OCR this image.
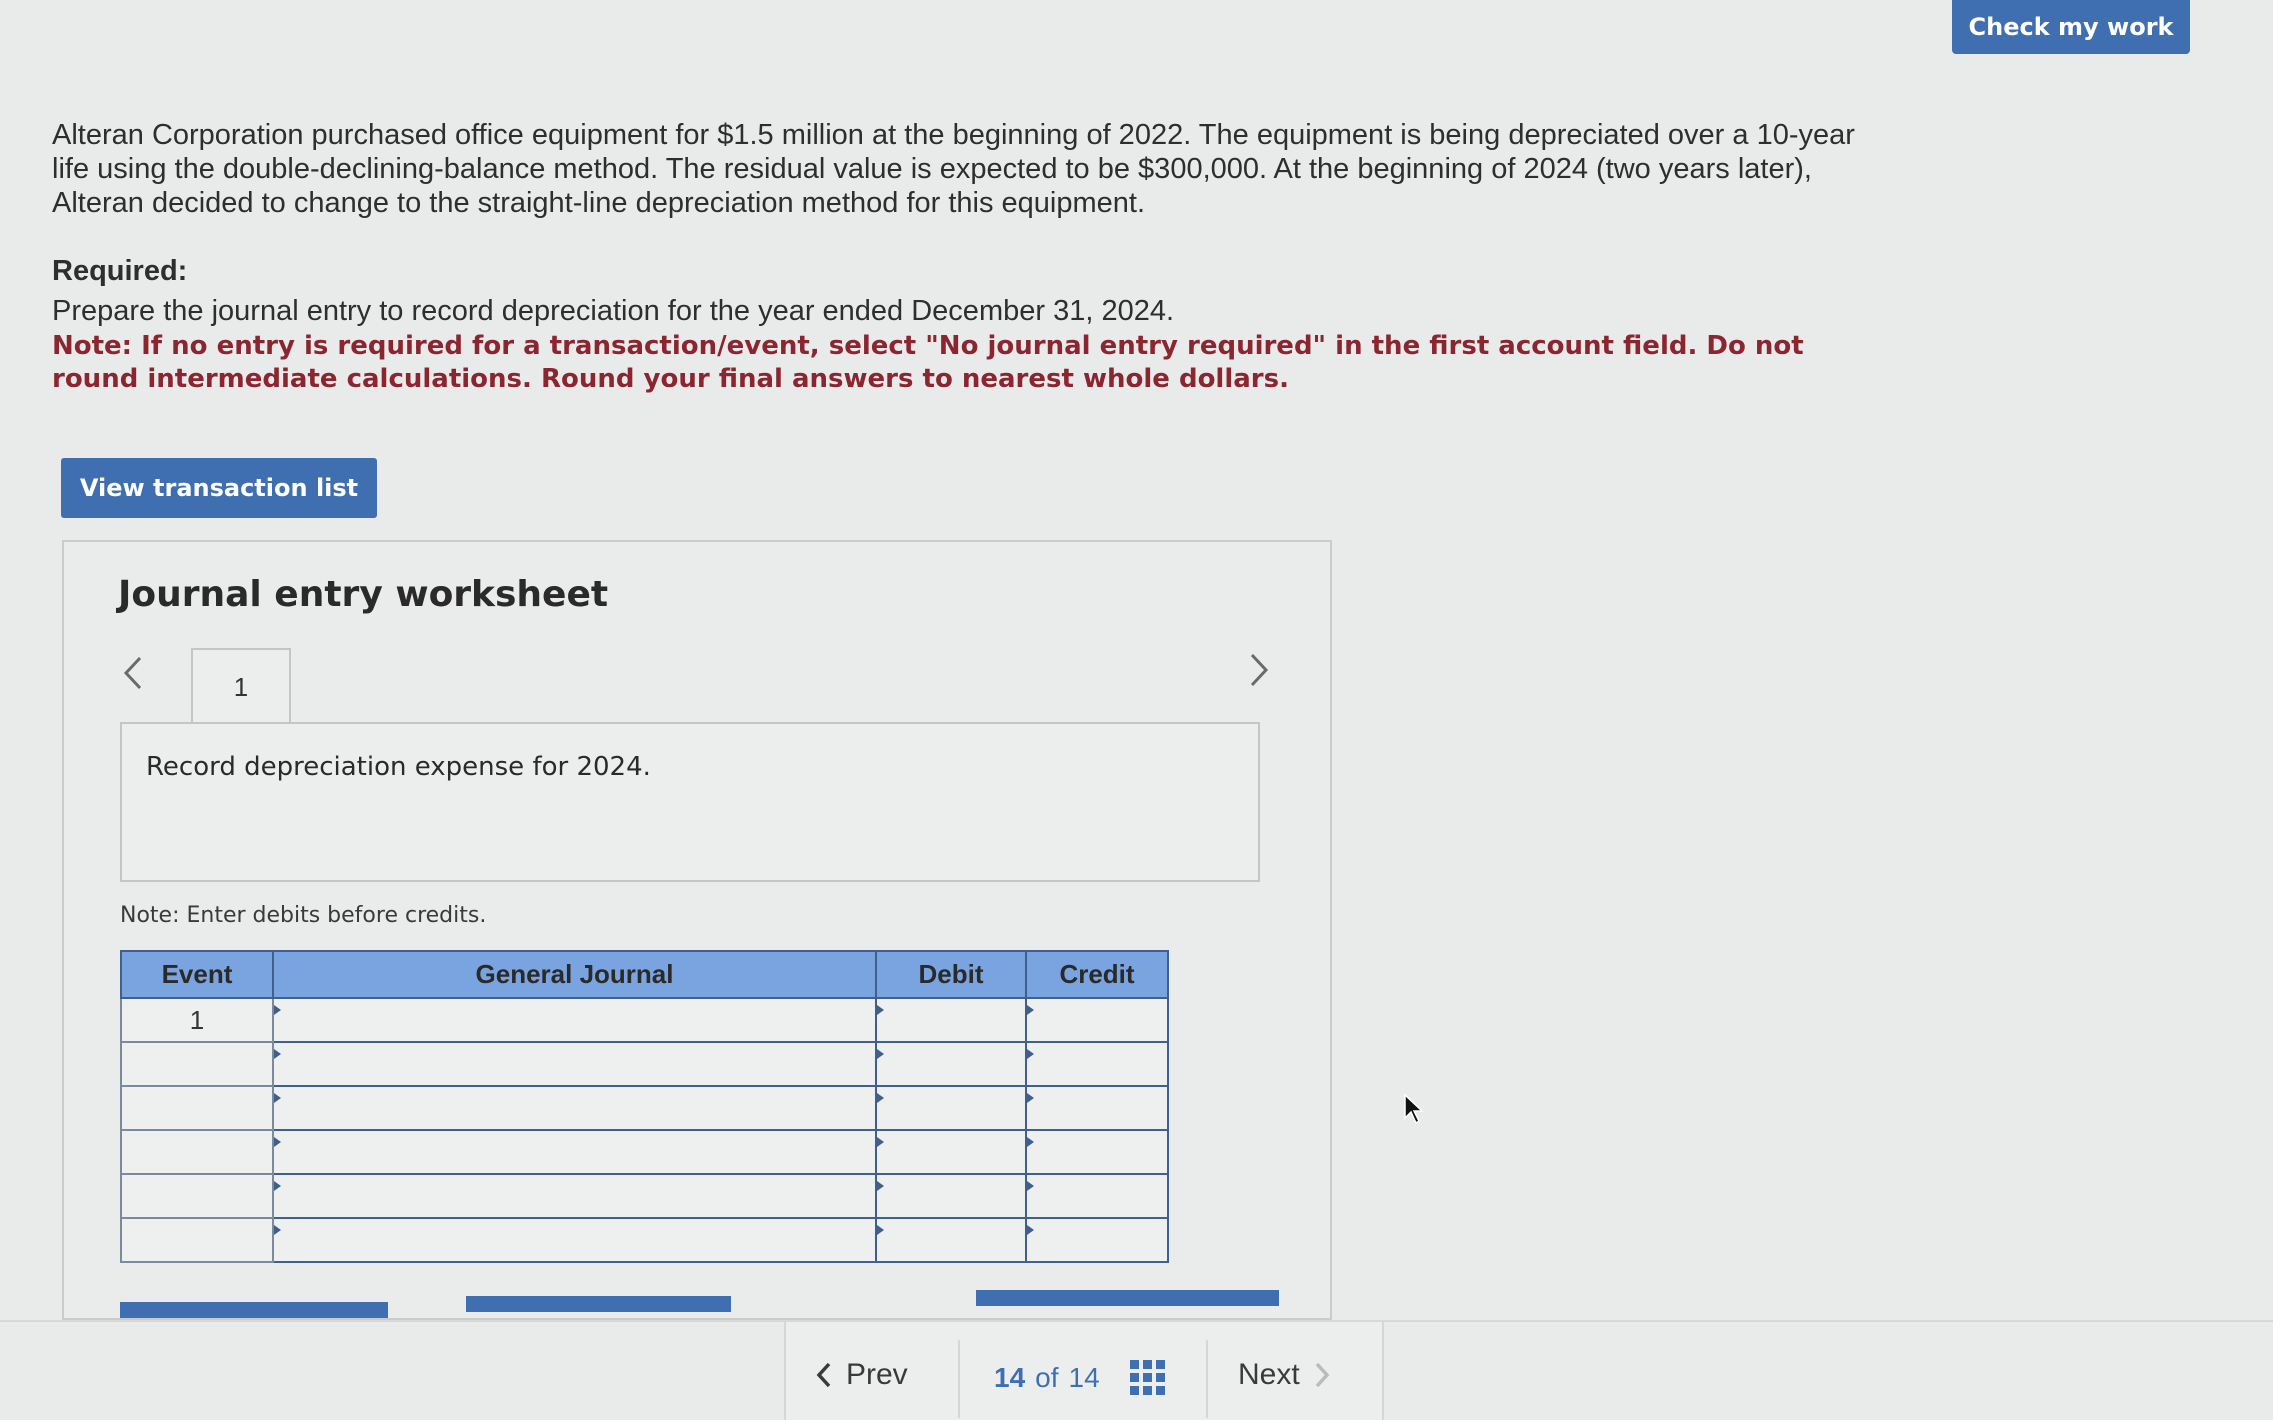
Check my work
Alteran Corporation purchased office equipment for $1.5 million at the beginning of 2022. The equipment is being depreciated over a 10-year life using the double-declining-balance method. The residual value is expected to be $300,000. At the beginning of 2024 (two years later), Alteran decided to change to the straight-line depreciation method for this equipment.
Required:
Prepare the journal entry to record depreciation for the year ended December 31, 2024.
Note: If no entry is required for a transaction/event, select "No journal entry required" in the first account field. Do not round intermediate calculations. Round your final answers to nearest whole dollars.
View transaction list
Journal entry worksheet
1
Record depreciation expense for 2024.
Note: Enter debits before credits.
Event	General Journal	Debit	Credit
1			

Prev	14 of 14	Next
